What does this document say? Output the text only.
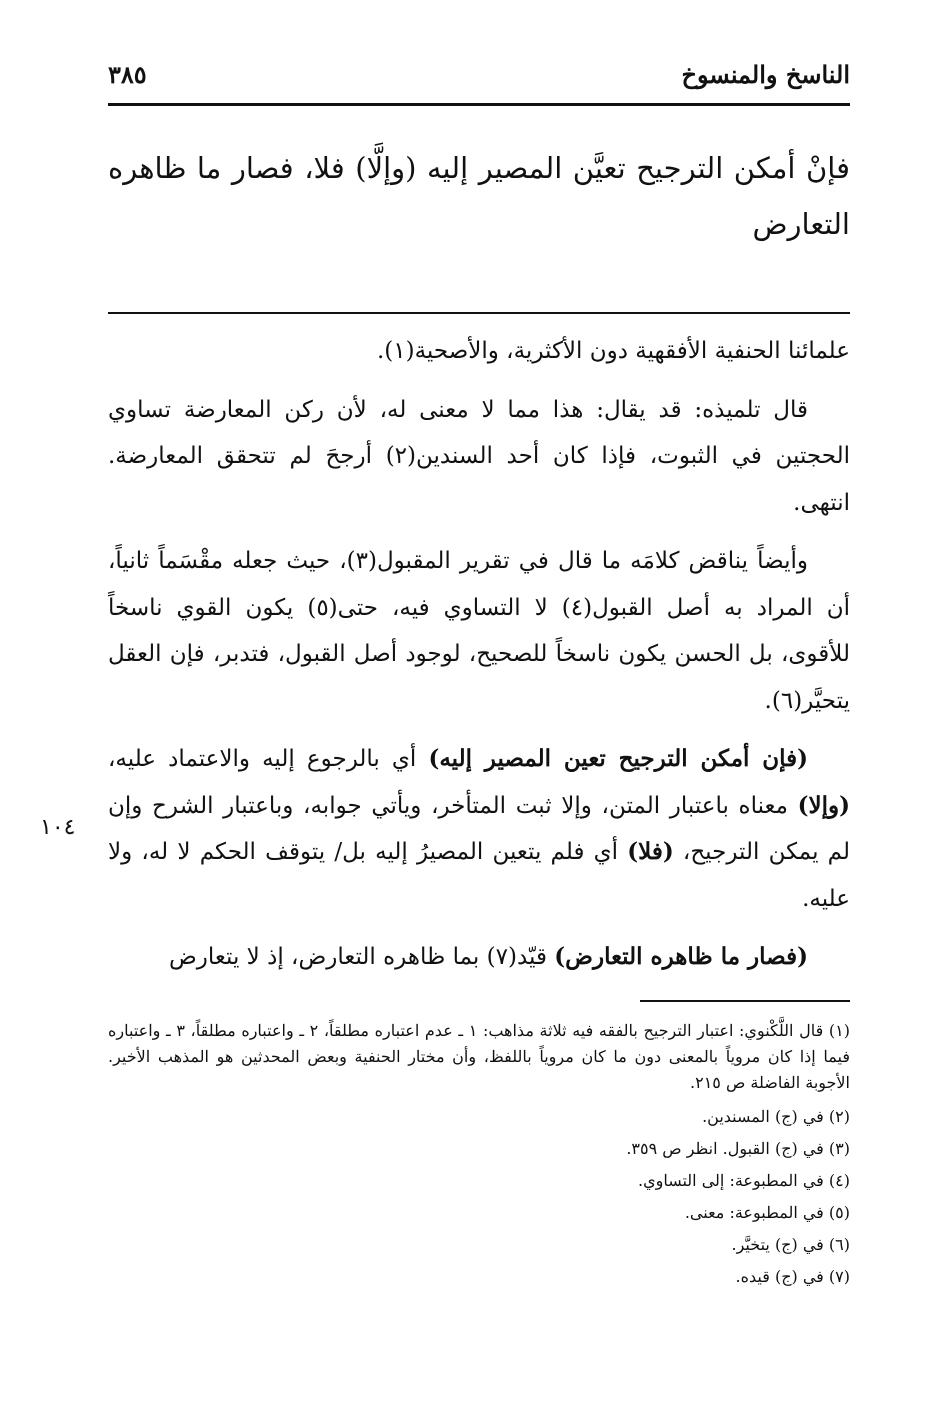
الناسخ والمنسوخ
٣٨٥
فإنْ أمكن الترجيح تعيَّن المصير إليه (وإلَّا) فلا، فصار ما ظاهره التعارض

علمائنا الحنفية الأفقهية دون الأكثرية، والأصحية(١).

قال تلميذه: قد يقال: هذا مما لا معنى له، لأن ركن المعارضة تساوي الحجتين في الثبوت، فإذا كان أحد السندين(٢) أرجحَ لم تتحقق المعارضة. انتهى.

وأيضاً يناقض كلامَه ما قال في تقرير المقبول(٣)، حيث جعله مقْسَماً ثانياً، أن المراد به أصل القبول(٤) لا التساوي فيه، حتى(٥) يكون القوي ناسخاً للأقوى، بل الحسن يكون ناسخاً للصحيح، لوجود أصل القبول، فتدبر، فإن العقل يتحيَّر(٦).

(فإن أمكن الترجيح تعين المصير إليه) أي بالرجوع إليه والاعتماد عليه، (وإلا) معناه باعتبار المتن، وإلا ثبت المتأخر، ويأتي جوابه، وباعتبار الشرح وإن لم يمكن الترجيح، (فلا) أي فلم يتعين المصيرُ إليه بل/ يتوقف الحكم لا له، ولا عليه.

(فصار ما ظاهره التعارض) قيّد(٧) بما ظاهره التعارض، إذ لا يتعارض

١٠٤
(١) قال اللَّكْنوي: اعتبار الترجيح بالفقه فيه ثلاثة مذاهب: ١ ـ عدم اعتباره مطلقاً، ٢ ـ واعتباره مطلقاً، ٣ ـ واعتباره فيما إذا كان مروياً بالمعنى دون ما كان مروياً باللفظ، وأن مختار الحنفية وبعض المحدثين هو المذهب الأخير. الأجوبة الفاضلة ص ٢١٥.
(٢) في (ج) المسندين.
(٣) في (ج) القبول. انظر ص ٣٥٩.
(٤) في المطبوعة: إلى التساوي.
(٥) في المطبوعة: معنى.
(٦) في (ج) يتخيَّر.
(٧) في (ج) قيده.
